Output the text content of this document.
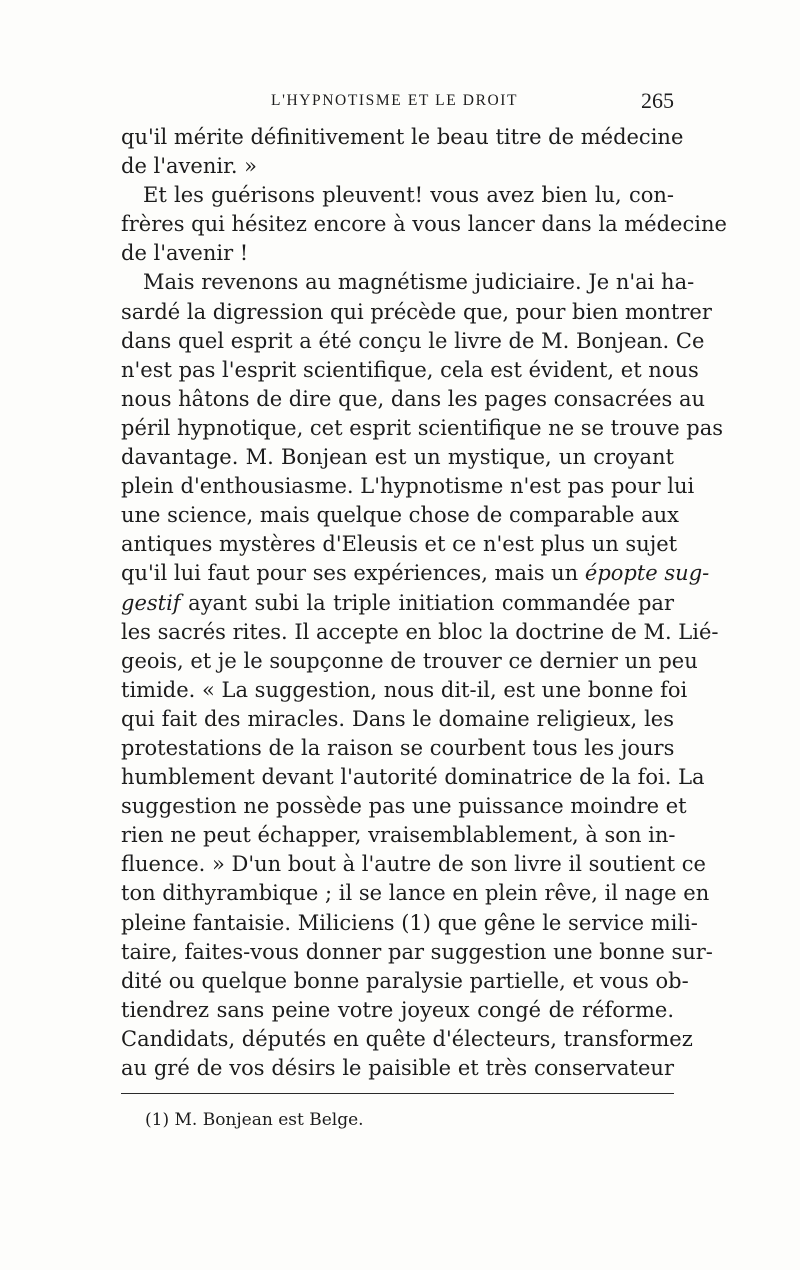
L'HYPNOTISME ET LE DROIT	265
qu'il mérite définitivement le beau titre de médecine
de l'avenir. »
Et les guérisons pleuvent! vous avez bien lu, con-
frères qui hésitez encore à vous lancer dans la médecine
de l'avenir !
Mais revenons au magnétisme judiciaire. Je n'ai ha-
sardé la digression qui précède que, pour bien montrer
dans quel esprit a été conçu le livre de M. Bonjean. Ce
n'est pas l'esprit scientifique, cela est évident, et nous
nous hâtons de dire que, dans les pages consacrées au
péril hypnotique, cet esprit scientifique ne se trouve pas
davantage. M. Bonjean est un mystique, un croyant
plein d'enthousiasme. L'hypnotisme n'est pas pour lui
une science, mais quelque chose de comparable aux
antiques mystères d'Eleusis et ce n'est plus un sujet
qu'il lui faut pour ses expériences, mais un épopte sug-
gestif ayant subi la triple initiation commandée par
les sacrés rites. Il accepte en bloc la doctrine de M. Lié-
geois, et je le soupçonne de trouver ce dernier un peu
timide. « La suggestion, nous dit-il, est une bonne foi
qui fait des miracles. Dans le domaine religieux, les
protestations de la raison se courbent tous les jours
humblement devant l'autorité dominatrice de la foi. La
suggestion ne possède pas une puissance moindre et
rien ne peut échapper, vraisemblablement, à son in-
fluence. » D'un bout à l'autre de son livre il soutient ce
ton dithyrambique ; il se lance en plein rêve, il nage en
pleine fantaisie. Miliciens (1) que gêne le service mili-
taire, faites-vous donner par suggestion une bonne sur-
dité ou quelque bonne paralysie partielle, et vous ob-
tiendrez sans peine votre joyeux congé de réforme.
Candidats, députés en quête d'électeurs, transformez
au gré de vos désirs le paisible et très conservateur
(1) M. Bonjean est Belge.
